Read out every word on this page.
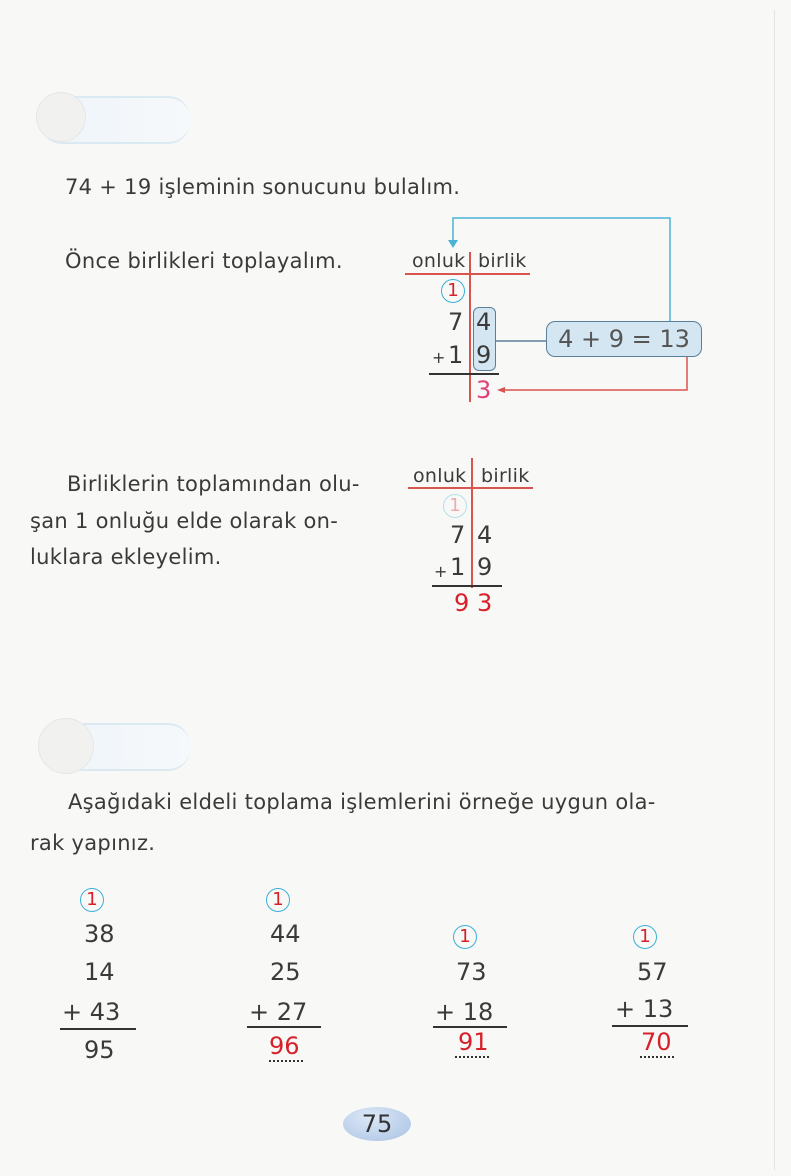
74 + 19 işleminin sonucunu bulalım.
Önce birlikleri toplayalım.	onluk birlik
1
7 4
+ 1 9
3
4 + 9 = 13
Birliklerin toplamından olu-
şan 1 onluğu elde olarak on-
luklara ekleyelim.
onluk birlik
1
7 4
+ 1 9
9 3
Aşağıdaki eldeli toplama işlemlerini örneğe uygun ola-
rak yapınız.
1
38
14
+ 43
95
1
44
25
+ 27
96
1
73
+ 18
91
1
57
+ 13
70
75
